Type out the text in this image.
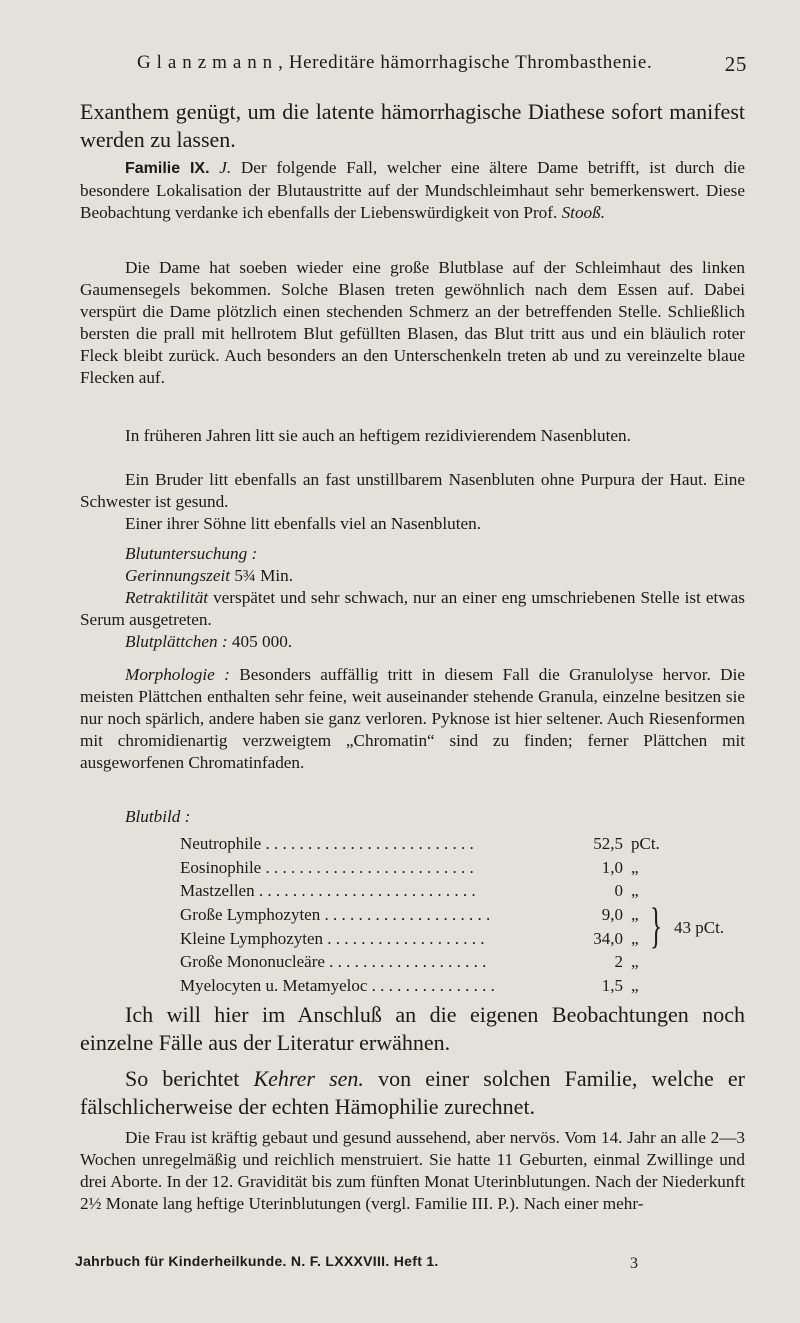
G l a n z m a n n , Hereditäre hämorrhagische Thrombasthenie.	25

Exanthem genügt, um die latente hämorrhagische Diathese sofort manifest werden zu lassen.

Familie IX. J. Der folgende Fall, welcher eine ältere Dame betrifft, ist durch die besondere Lokalisation der Blutaustritte auf der Mundschleimhaut sehr bemerkenswert. Diese Beobachtung verdanke ich ebenfalls der Liebenswürdigkeit von Prof. Stooß.

Die Dame hat soeben wieder eine große Blutblase auf der Schleimhaut des linken Gaumensegels bekommen. Solche Blasen treten gewöhnlich nach dem Essen auf. Dabei verspürt die Dame plötzlich einen stechenden Schmerz an der betreffenden Stelle. Schließlich bersten die prall mit hellrotem Blut gefüllten Blasen, das Blut tritt aus und ein bläulich roter Fleck bleibt zurück. Auch besonders an den Unterschenkeln treten ab und zu vereinzelte blaue Flecken auf.

In früheren Jahren litt sie auch an heftigem rezidivierendem Nasenbluten.

Ein Bruder litt ebenfalls an fast unstillbarem Nasenbluten ohne Purpura der Haut. Eine Schwester ist gesund.

Einer ihrer Söhne litt ebenfalls viel an Nasenbluten.

Blutuntersuchung :

Gerinnungszeit 5¾ Min.

Retraktilität verspätet und sehr schwach, nur an einer eng umschriebenen Stelle ist etwas Serum ausgetreten.

Blutplättchen : 405 000.

Morphologie : Besonders auffällig tritt in diesem Fall die Granulolyse hervor. Die meisten Plättchen enthalten sehr feine, weit auseinander stehende Granula, einzelne besitzen sie nur noch spärlich, andere haben sie ganz verloren. Pyknose ist hier seltener. Auch Riesenformen mit chromidienartig verzweigtem „Chromatin“ sind zu finden; ferner Plättchen mit ausgeworfenen Chromatinfaden.

Blutbild :

Neutrophile . . . . . . . . . . . . . . . . . . . . . . . . .	52,5 pCt.
Eosinophile . . . . . . . . . . . . . . . . . . . . . . . . .	1,0 „
Mastzellen . . . . . . . . . . . . . . . . . . . . . . . . . .	0 „
Große Lymphozyten . . . . . . . . . . . . . . . . . . . .	9,0 „
Kleine Lymphozyten . . . . . . . . . . . . . . . . . . .	34,0 „
Große Mononucleäre . . . . . . . . . . . . . . . . . . .	2 „
Myelocyten u. Metamyeloc . . . . . . . . . . . . . . .	1,5 „
} 43 pCt.

Ich will hier im Anschluß an die eigenen Beobachtungen noch einzelne Fälle aus der Literatur erwähnen.

So berichtet Kehrer sen. von einer solchen Familie, welche er fälschlicherweise der echten Hämophilie zurechnet.

Die Frau ist kräftig gebaut und gesund aussehend, aber nervös. Vom 14. Jahr an alle 2—3 Wochen unregelmäßig und reichlich menstruiert. Sie hatte 11 Geburten, einmal Zwillinge und drei Aborte. In der 12. Gravidität bis zum fünften Monat Uterinblutungen. Nach der Niederkunft 2½ Monate lang heftige Uterinblutungen (vergl. Familie III. P.). Nach einer mehr-

Jahrbuch für Kinderheilkunde. N. F. LXXXVIII. Heft 1.	3
